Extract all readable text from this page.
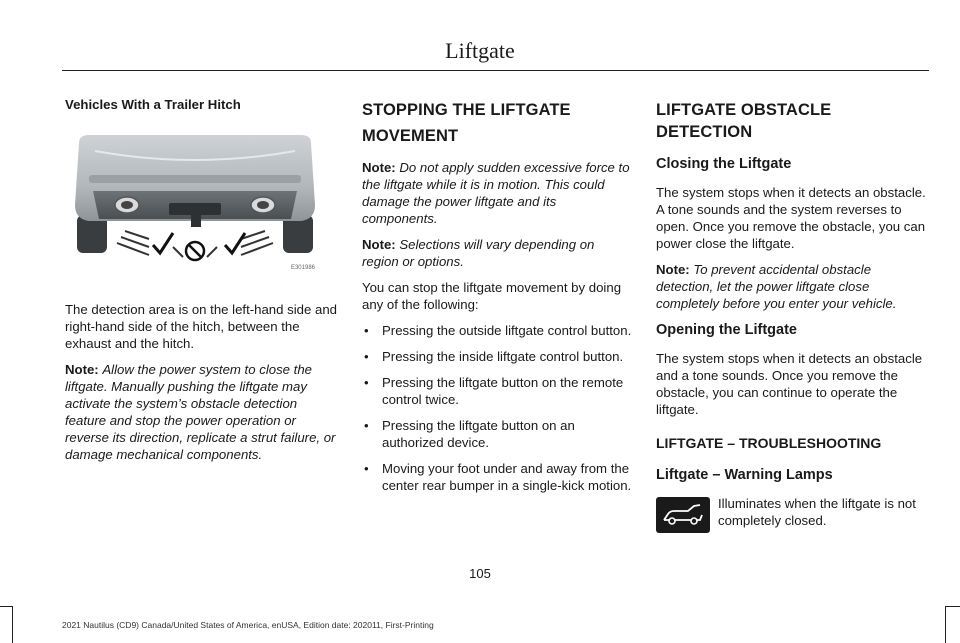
Liftgate

Vehicles With a Trailer Hitch

E301986

The detection area is on the left-hand side and right-hand side of the hitch, between the exhaust and the hitch.

Note: Allow the power system to close the liftgate. Manually pushing the liftgate may activate the system’s obstacle detection feature and stop the power operation or reverse its direction, replicate a strut failure, or damage mechanical components.

STOPPING THE LIFTGATE
MOVEMENT

Note: Do not apply sudden excessive force to the liftgate while it is in motion. This could damage the power liftgate and its components.

Note: Selections will vary depending on region or options.

You can stop the liftgate movement by doing any of the following:

• Pressing the outside liftgate control button.
• Pressing the inside liftgate control button.
• Pressing the liftgate button on the remote control twice.
• Pressing the liftgate button on an authorized device.
• Moving your foot under and away from the center rear bumper in a single-kick motion.
LIFTGATE OBSTACLE DETECTION
Closing the Liftgate

The system stops when it detects an obstacle. A tone sounds and the system reverses to open. Once you remove the obstacle, you can power close the liftgate.

Note: To prevent accidental obstacle detection, let the power liftgate close completely before you enter your vehicle.

Opening the Liftgate

The system stops when it detects an obstacle and a tone sounds. Once you remove the obstacle, you can continue to operate the liftgate.

LIFTGATE – TROUBLESHOOTING
Liftgate – Warning Lamps
Illuminates when the liftgate is not completely closed.
105
2021 Nautilus (CD9) Canada/United States of America, enUSA, Edition date: 202011, First-Printing
